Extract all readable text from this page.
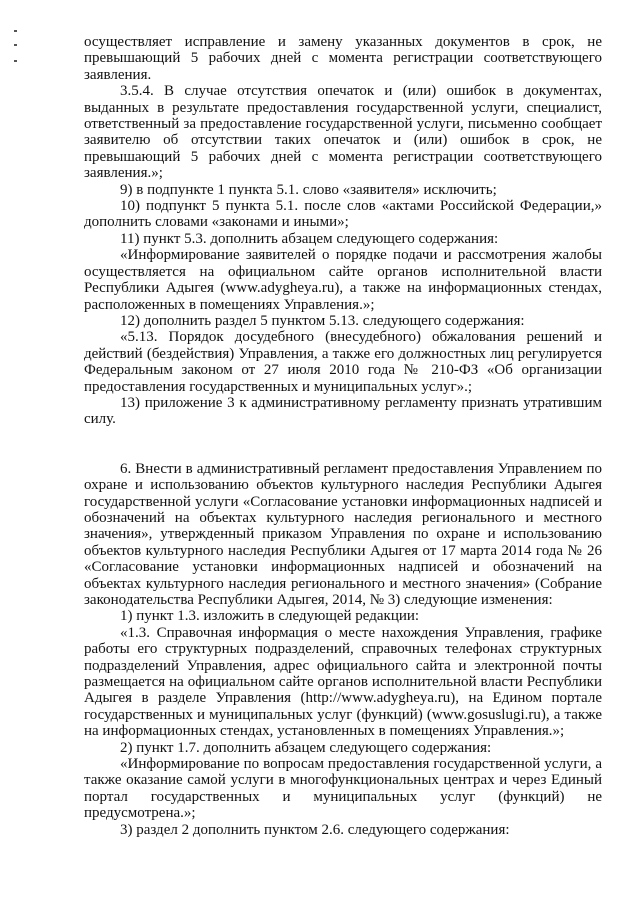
осуществляет исправление и замену указанных документов в срок, не превышающий 5 рабочих дней с момента регистрации соответствующего заявления.

3.5.4. В случае отсутствия опечаток и (или) ошибок в документах, выданных в результате предоставления государственной услуги, специалист, ответственный за предоставление государственной услуги, письменно сообщает заявителю об отсутствии таких опечаток и (или) ошибок в срок, не превышающий 5 рабочих дней с момента регистрации соответствующего заявления.»;

9) в подпункте 1 пункта 5.1. слово «заявителя» исключить;

10) подпункт 5 пункта 5.1. после слов «актами Российской Федерации,» дополнить словами «законами и иными»;

11) пункт 5.3. дополнить абзацем следующего содержания:

«Информирование заявителей о порядке подачи и рассмотрения жалобы осуществляется на официальном сайте органов исполнительной власти Республики Адыгея (www.adygheya.ru), а также на информационных стендах, расположенных в помещениях Управления.»;

12) дополнить раздел 5 пунктом 5.13. следующего содержания:

«5.13. Порядок досудебного (внесудебного) обжалования решений и действий (бездействия) Управления, а также его должностных лиц регулируется Федеральным законом от 27 июля 2010 года № 210-ФЗ «Об организации предоставления государственных и муниципальных услуг».;

13) приложение 3 к административному регламенту признать утратившим силу.

6. Внести в административный регламент предоставления Управлением по охране и использованию объектов культурного наследия Республики Адыгея государственной услуги «Согласование установки информационных надписей и обозначений на объектах культурного наследия регионального и местного значения», утвержденный приказом Управления по охране и использованию объектов культурного наследия Республики Адыгея от 17 марта 2014 года № 26 «Согласование установки информационных надписей и обозначений на объектах культурного наследия регионального и местного значения» (Собрание законодательства Республики Адыгея, 2014, № 3) следующие изменения:

1) пункт 1.3. изложить в следующей редакции:

«1.3. Справочная информация о месте нахождения Управления, графике работы его структурных подразделений, справочных телефонах структурных подразделений Управления, адрес официального сайта и электронной почты размещается на официальном сайте органов исполнительной власти Республики Адыгея в разделе Управления (http://www.adygheya.ru), на Едином портале государственных и муниципальных услуг (функций) (www.gosuslugi.ru), а также на информационных стендах, установленных в помещениях Управления.»;

2) пункт 1.7. дополнить абзацем следующего содержания:

«Информирование по вопросам предоставления государственной услуги, а также оказание самой услуги в многофункциональных центрах и через Единый портал государственных и муниципальных услуг (функций) не предусмотрена.»;

3) раздел 2 дополнить пунктом 2.6. следующего содержания:
